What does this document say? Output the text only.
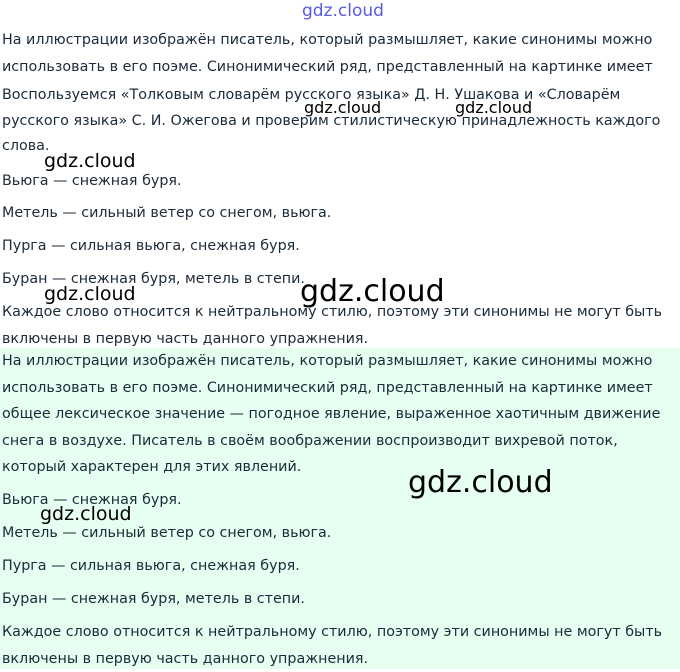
На иллюстрации изображён писатель, который размышляет, какие синонимы можно
использовать в его поэме. Синонимический ряд, представленный на картинке имеет

Воспользуемся «Толковым словарём русского языка» Д. Н. Ушакова и «Словарём
русского языка» С. И. Ожегова и проверим стилистическую принадлежность каждого
слова.

Вьюга — снежная буря.

Метель — сильный ветер со снегом, вьюга.

Пурга — сильная вьюга, снежная буря.

Буран — снежная буря, метель в степи.

Каждое слово относится к нейтральному стилю, поэтому эти синонимы не могут быть
включены в первую часть данного упражнения.

На иллюстрации изображён писатель, который размышляет, какие синонимы можно
использовать в его поэме. Синонимический ряд, представленный на картинке имеет
общее лексическое значение — погодное явление, выраженное хаотичным движение
снега в воздухе. Писатель в своём воображении воспроизводит вихревой поток,
который характерен для этих явлений.

Вьюга — снежная буря.

Метель — сильный ветер со снегом, вьюга.

Пурга — сильная вьюга, снежная буря.

Буран — снежная буря, метель в степи.

Каждое слово относится к нейтральному стилю, поэтому эти синонимы не могут быть
включены в первую часть данного упражнения.

gdz.cloud
gdz.cloud	gdz.cloud
gdz.cloud
gdz.cloud	gdz.cloud
gdz.cloud
gdz.cloud
